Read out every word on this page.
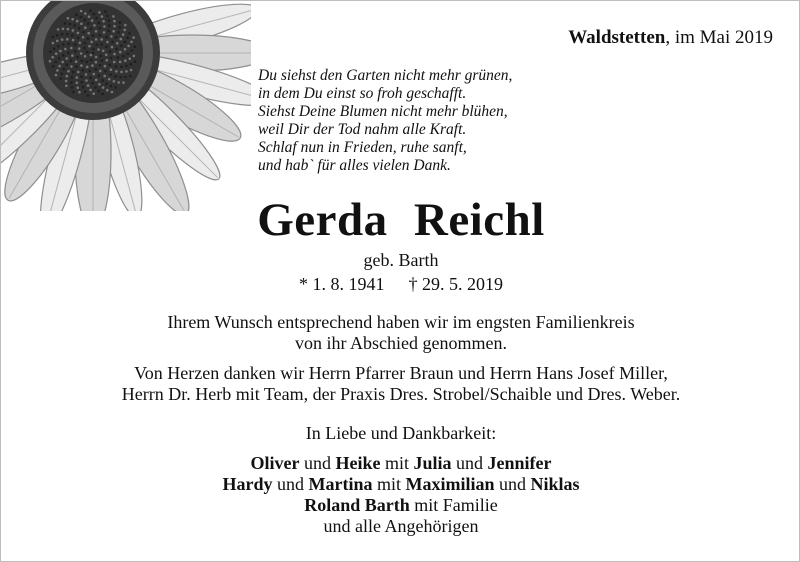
Waldstetten, im Mai 2019
Du siehst den Garten nicht mehr grünen,
in dem Du einst so froh geschafft.
Siehst Deine Blumen nicht mehr blühen,
weil Dir der Tod nahm alle Kraft.
Schlaf nun in Frieden, ruhe sanft,
und hab` für alles vielen Dank.
Gerda Reichl
geb. Barth
* 1. 8. 1941 † 29. 5. 2019
Ihrem Wunsch entsprechend haben wir im engsten Familienkreis
von ihr Abschied genommen.
Von Herzen danken wir Herrn Pfarrer Braun und Herrn Hans Josef Miller,
Herrn Dr. Herb mit Team, der Praxis Dres. Strobel/Schaible und Dres. Weber.
In Liebe und Dankbarkeit:
Oliver und Heike mit Julia und Jennifer
Hardy und Martina mit Maximilian und Niklas
Roland Barth mit Familie
und alle Angehörigen
